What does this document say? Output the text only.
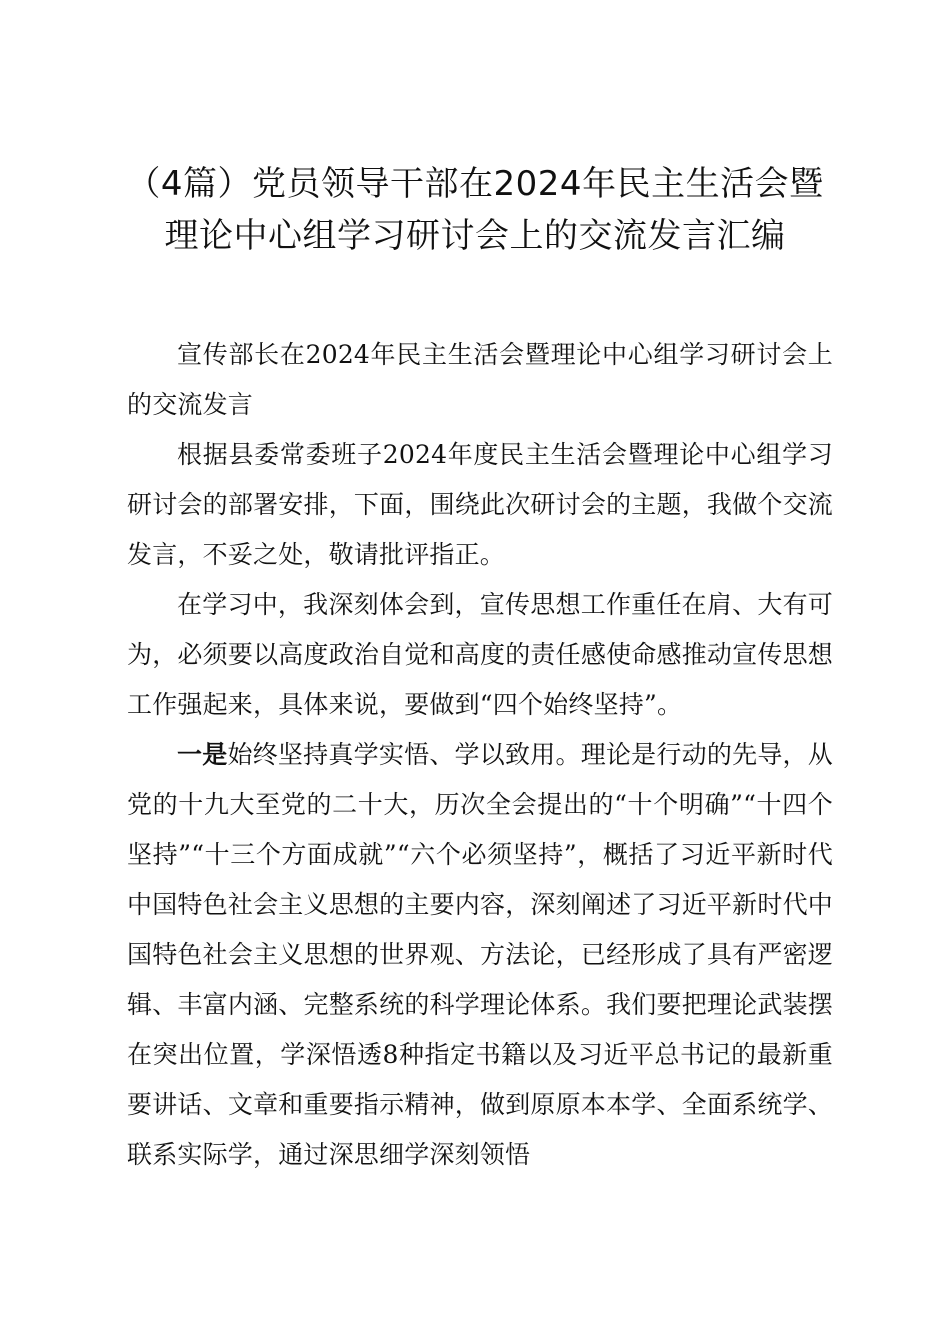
（4篇）党员领导干部在2024年民主生活会暨
理论中心组学习研讨会上的交流发言汇编

宣传部长在2024年民主生活会暨理论中心组学习研讨会上的交流发言

根据县委常委班子2024年度民主生活会暨理论中心组学习研讨会的部署安排，下面，围绕此次研讨会的主题，我做个交流发言，不妥之处，敬请批评指正。

在学习中，我深刻体会到，宣传思想工作重任在肩、大有可为，必须要以高度政治自觉和高度的责任感使命感推动宣传思想工作强起来，具体来说，要做到“四个始终坚持”。

一是始终坚持真学实悟、学以致用。理论是行动的先导，从党的十九大至党的二十大，历次全会提出的“十个明确”“十四个坚持”“十三个方面成就”“六个必须坚持”，概括了习近平新时代中国特色社会主义思想的主要内容，深刻阐述了习近平新时代中国特色社会主义思想的世界观、方法论，已经形成了具有严密逻辑、丰富内涵、完整系统的科学理论体系。我们要把理论武装摆在突出位置，学深悟透8种指定书籍以及习近平总书记的最新重要讲话、文章和重要指示精神，做到原原本本学、全面系统学、联系实际学，通过深思细学深刻领悟
